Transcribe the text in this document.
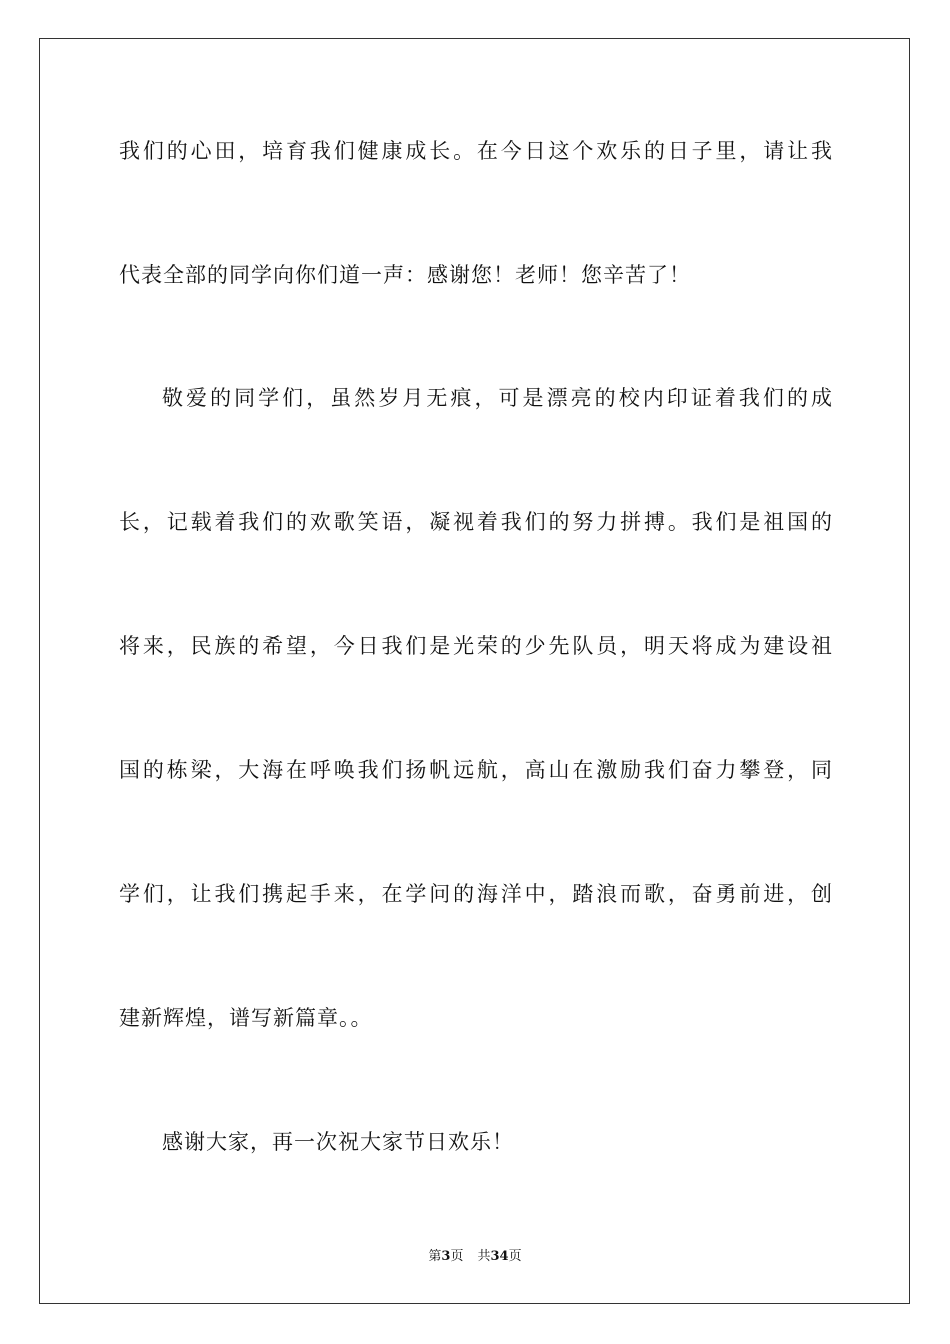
我们的心田，培育我们健康成长。在今日这个欢乐的日子里，请让我
代表全部的同学向你们道一声：感谢您！老师！您辛苦了！
敬爱的同学们，虽然岁月无痕，可是漂亮的校内印证着我们的成
长，记载着我们的欢歌笑语，凝视着我们的努力拼搏。我们是祖国的
将来，民族的希望，今日我们是光荣的少先队员，明天将成为建设祖
国的栋梁，大海在呼唤我们扬帆远航，高山在激励我们奋力攀登，同
学们，让我们携起手来，在学问的海洋中，踏浪而歌，奋勇前进，创
建新辉煌，谱写新篇章。。
感谢大家，再一次祝大家节日欢乐！
第3页 共34页
